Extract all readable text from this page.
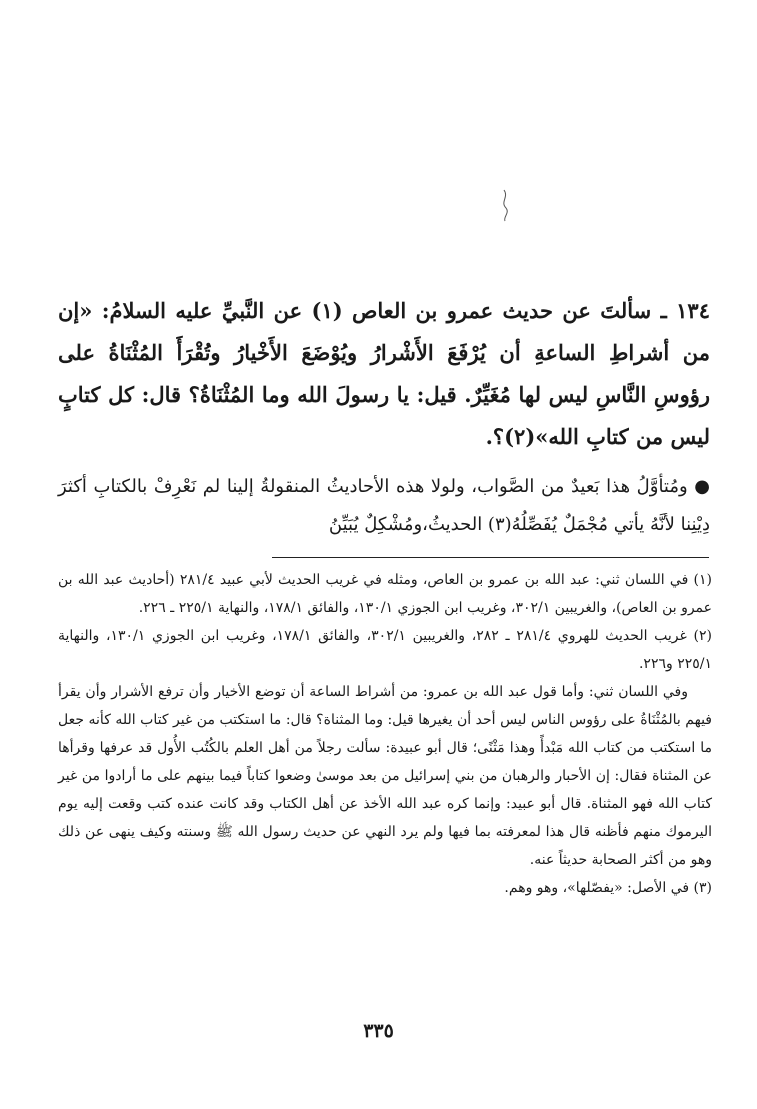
١٣٤ ـ سألتَ عن حديث عمرو بن العاص (١) عن النَّبيِّ عليه السلامُ: «إن من أشراطِ الساعةِ أن يُرْفَعَ الأَشْرارُ ويُوْضَعَ الأَخْيارُ وتُقْرَأَ المُثْنَاةُ على رؤوسِ النَّاسِ ليس لها مُغَيِّرٌ. قيل: يا رسولَ الله وما المُثْنَاةُ؟ قال: كل كتابٍ ليس من كتابِ الله»(٢)؟.

● ومُتأوَّلُ هذا بَعيدٌ من الصَّواب، ولولا هذه الأحاديثُ المنقولةُ إلينا لم نَعْرِفْ بالكتابِ أكثرَ دِيْنِنا لأنَّهُ يأتي مُجْمَلٌ يُفَصِّلُهُ(٣) الحديثُ،ومُشْكِلٌ يُبَيِّنُ

(١) في اللسان ثني: عبد الله بن عمرو بن العاص، ومثله في غريب الحديث لأبي عبيد ٢٨١/٤ (أحاديث عبد الله بن عمرو بن العاص)، والغريبين ٣٠٢/١، وغريب ابن الجوزي ١٣٠/١، والفائق ١٧٨/١، والنهاية ٢٢٥/١ ـ ٢٢٦.

(٢) غريب الحديث للهروي ٢٨١/٤ ـ ٢٨٢، والغريبين ٣٠٢/١، والفائق ١٧٨/١، وغريب ابن الجوزي ١٣٠/١، والنهاية ٢٢٥/١ و٢٢٦.

وفي اللسان ثني: وأما قول عبد الله بن عمرو: من أشراط الساعة أن توضع الأخيار وأن ترفع الأشرار وأن يقرأ فيهم بالمُثْنَاةُ على رؤوس الناس ليس أحد أن يغيرها قيل: وما المثناة؟ قال: ما استكتب من غير كتاب الله كأنه جعل ما استكتب من كتاب الله مَبْدأً وهذا مَثْنًى؛ قال أبو عبيدة: سألت رجلاً من أهل العلم بالكُتُب الأُول قد عرفها وقرأها عن المثناة فقال: إن الأحبار والرهبان من بني إسرائيل من بعد موسىٰ وضعوا كتاباً فيما بينهم على ما أرادوا من غير كتاب الله فهو المثناة. قال أبو عبيد: وإنما كره عبد الله الأخذ عن أهل الكتاب وقد كانت عنده كتب وقعت إليه يوم اليرموك منهم فأظنه قال هذا لمعرفته بما فيها ولم يرد النهي عن حديث رسول الله ﷺ وسنته وكيف ينهى عن ذلك وهو من أكثر الصحابة حديثاً عنه.

(٣) في الأصل: «يفصّلها»، وهو وهم.

٣٣٥
